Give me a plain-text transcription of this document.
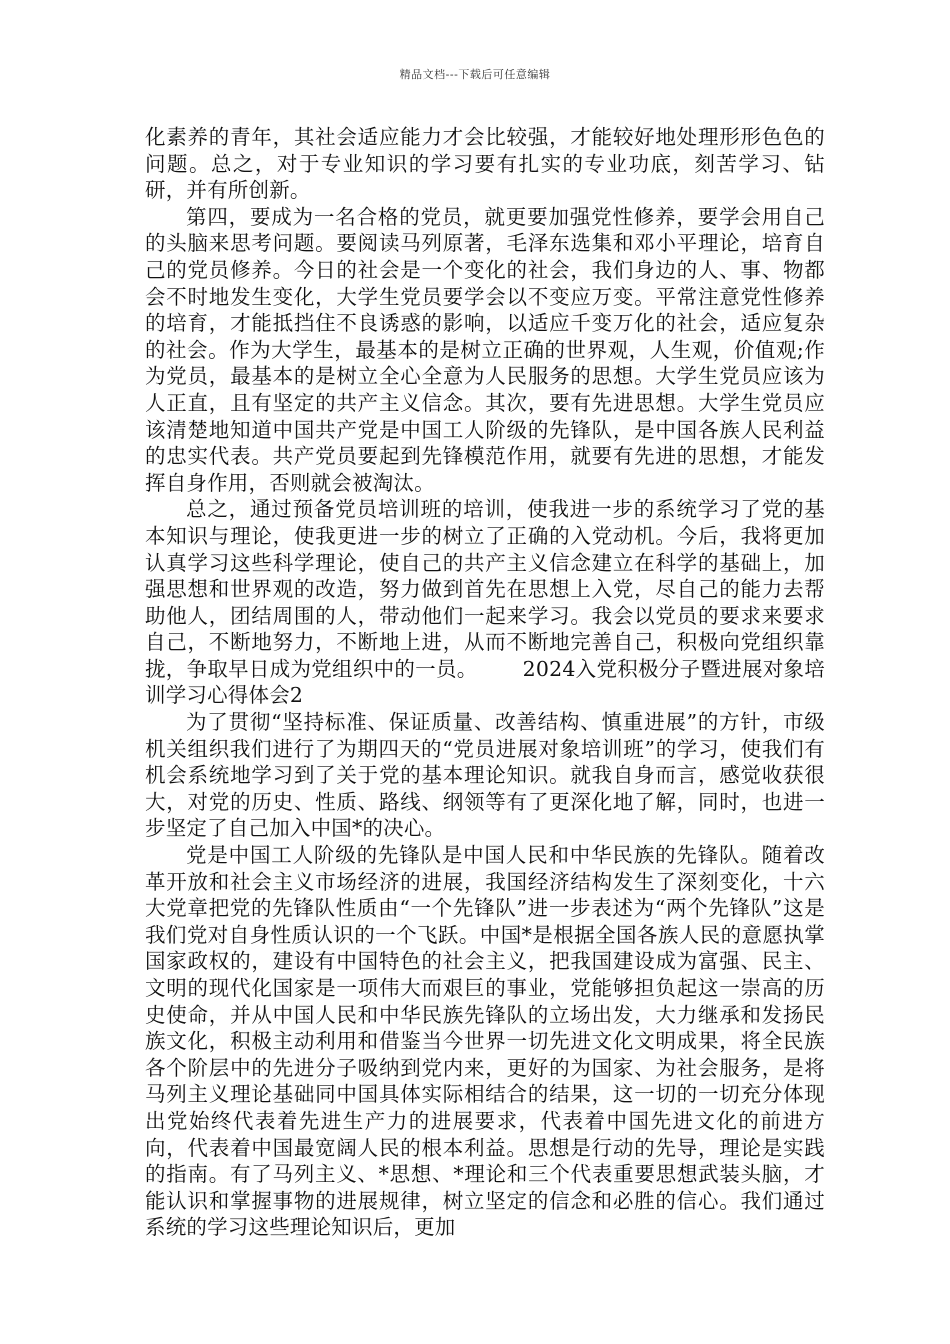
精品文档---下载后可任意编辑

化素养的青年，其社会适应能力才会比较强，才能较好地处理形形色色的问题。总之，对于专业知识的学习要有扎实的专业功底，刻苦学习、钻研，并有所创新。

第四，要成为一名合格的党员，就更要加强党性修养，要学会用自己的头脑来思考问题。要阅读马列原著，毛泽东选集和邓小平理论，培育自己的党员修养。今日的社会是一个变化的社会，我们身边的人、事、物都会不时地发生变化，大学生党员要学会以不变应万变。平常注意党性修养的培育，才能抵挡住不良诱惑的影响，以适应千变万化的社会，适应复杂的社会。作为大学生，最基本的是树立正确的世界观，人生观，价值观;作为党员，最基本的是树立全心全意为人民服务的思想。大学生党员应该为人正直，且有坚定的共产主义信念。其次，要有先进思想。大学生党员应该清楚地知道中国共产党是中国工人阶级的先锋队，是中国各族人民利益的忠实代表。共产党员要起到先锋模范作用，就要有先进的思想，才能发挥自身作用，否则就会被淘汰。

总之，通过预备党员培训班的培训，使我进一步的系统学习了党的基本知识与理论，使我更进一步的树立了正确的入党动机。今后，我将更加认真学习这些科学理论，使自己的共产主义信念建立在科学的基础上，加强思想和世界观的改造，努力做到首先在思想上入党，尽自己的能力去帮助他人，团结周围的人，带动他们一起来学习。我会以党员的要求来要求自己，不断地努力，不断地上进，从而不断地完善自己，积极向党组织靠拢，争取早日成为党组织中的一员。 2024入党积极分子暨进展对象培训学习心得体会2

为了贯彻“坚持标准、保证质量、改善结构、慎重进展”的方针，市级机关组织我们进行了为期四天的“党员进展对象培训班”的学习，使我们有机会系统地学习到了关于党的基本理论知识。就我自身而言，感觉收获很大，对党的历史、性质、路线、纲领等有了更深化地了解，同时，也进一步坚定了自己加入中国*的决心。

党是中国工人阶级的先锋队是中国人民和中华民族的先锋队。随着改革开放和社会主义市场经济的进展，我国经济结构发生了深刻变化，十六大党章把党的先锋队性质由“一个先锋队”进一步表述为“两个先锋队”这是我们党对自身性质认识的一个飞跃。中国*是根据全国各族人民的意愿执掌国家政权的，建设有中国特色的社会主义，把我国建设成为富强、民主、文明的现代化国家是一项伟大而艰巨的事业，党能够担负起这一崇高的历史使命，并从中国人民和中华民族先锋队的立场出发，大力继承和发扬民族文化，积极主动利用和借鉴当今世界一切先进文化文明成果，将全民族各个阶层中的先进分子吸纳到党内来，更好的为国家、为社会服务，是将马列主义理论基础同中国具体实际相结合的结果，这一切的一切充分体现出党始终代表着先进生产力的进展要求，代表着中国先进文化的前进方向，代表着中国最宽阔人民的根本利益。思想是行动的先导，理论是实践的指南。有了马列主义、*思想、*理论和三个代表重要思想武装头脑，才能认识和掌握事物的进展规律，树立坚定的信念和必胜的信心。我们通过系统的学习这些理论知识后，更加
